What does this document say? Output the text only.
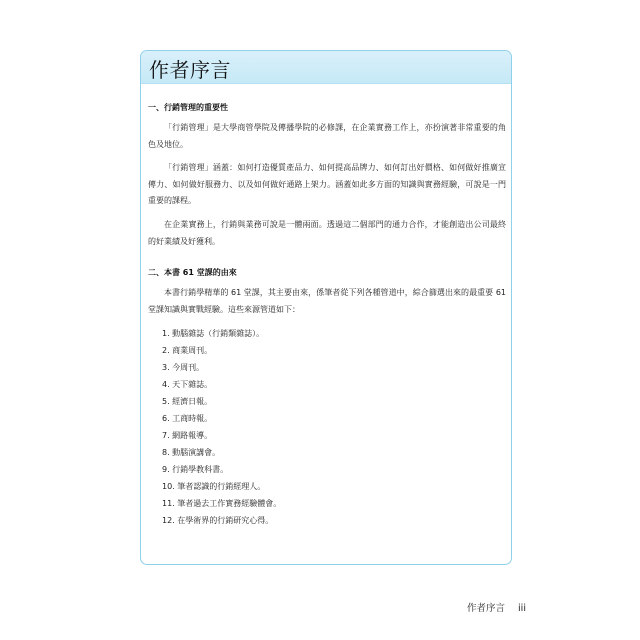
作者序言
一、行銷管理的重要性
「行銷管理」是大學商管學院及傳播學院的必修課，在企業實務工作上，亦扮演著非常重要的角色及地位。
「行銷管理」涵蓋：如何打造優質產品力、如何提高品牌力、如何訂出好價格、如何做好推廣宣傳力、如何做好服務力、以及如何做好通路上架力。涵蓋如此多方面的知識與實務經驗，可說是一門重要的課程。
在企業實務上，行銷與業務可說是一體兩面。透過這二個部門的通力合作，才能創造出公司最終的好業績及好獲利。
二、本書 61 堂課的由來
本書行銷學精華的 61 堂課，其主要由來，係筆者從下列各種管道中，綜合篩選出來的最重要 61 堂課知識與實戰經驗。這些來源管道如下：
1. 動腦雜誌（行銷類雜誌）。
2. 商業周刊。
3. 今周刊。
4. 天下雜誌。
5. 經濟日報。
6. 工商時報。
7. 網路報導。
8. 動腦演講會。
9. 行銷學教科書。
10. 筆者認識的行銷經理人。
11. 筆者過去工作實務經驗體會。
12. 在學術界的行銷研究心得。
作者序言 iii
